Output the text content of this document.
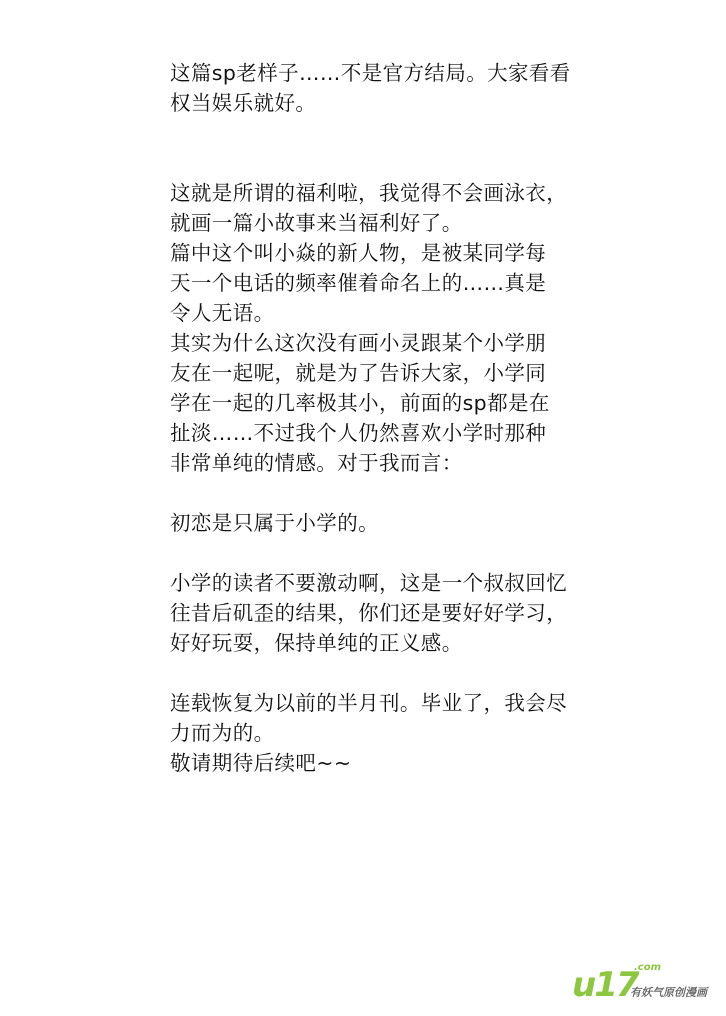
这篇sp老样子……不是官方结局。大家看看
权当娱乐就好。
这就是所谓的福利啦，我觉得不会画泳衣，
就画一篇小故事来当福利好了。
篇中这个叫小焱的新人物，是被某同学每
天一个电话的频率催着命名上的……真是
令人无语。
其实为什么这次没有画小灵跟某个小学朋
友在一起呢，就是为了告诉大家，小学同
学在一起的几率极其小，前面的sp都是在
扯淡……不过我个人仍然喜欢小学时那种
非常单纯的情感。对于我而言：
初恋是只属于小学的。
小学的读者不要激动啊，这是一个叔叔回忆
往昔后矶歪的结果，你们还是要好好学习，
好好玩耍，保持单纯的正义感。
连载恢复为以前的半月刊。毕业了，我会尽
力而为的。
敬请期待后续吧~~
u17
.com
有妖气原创漫画
